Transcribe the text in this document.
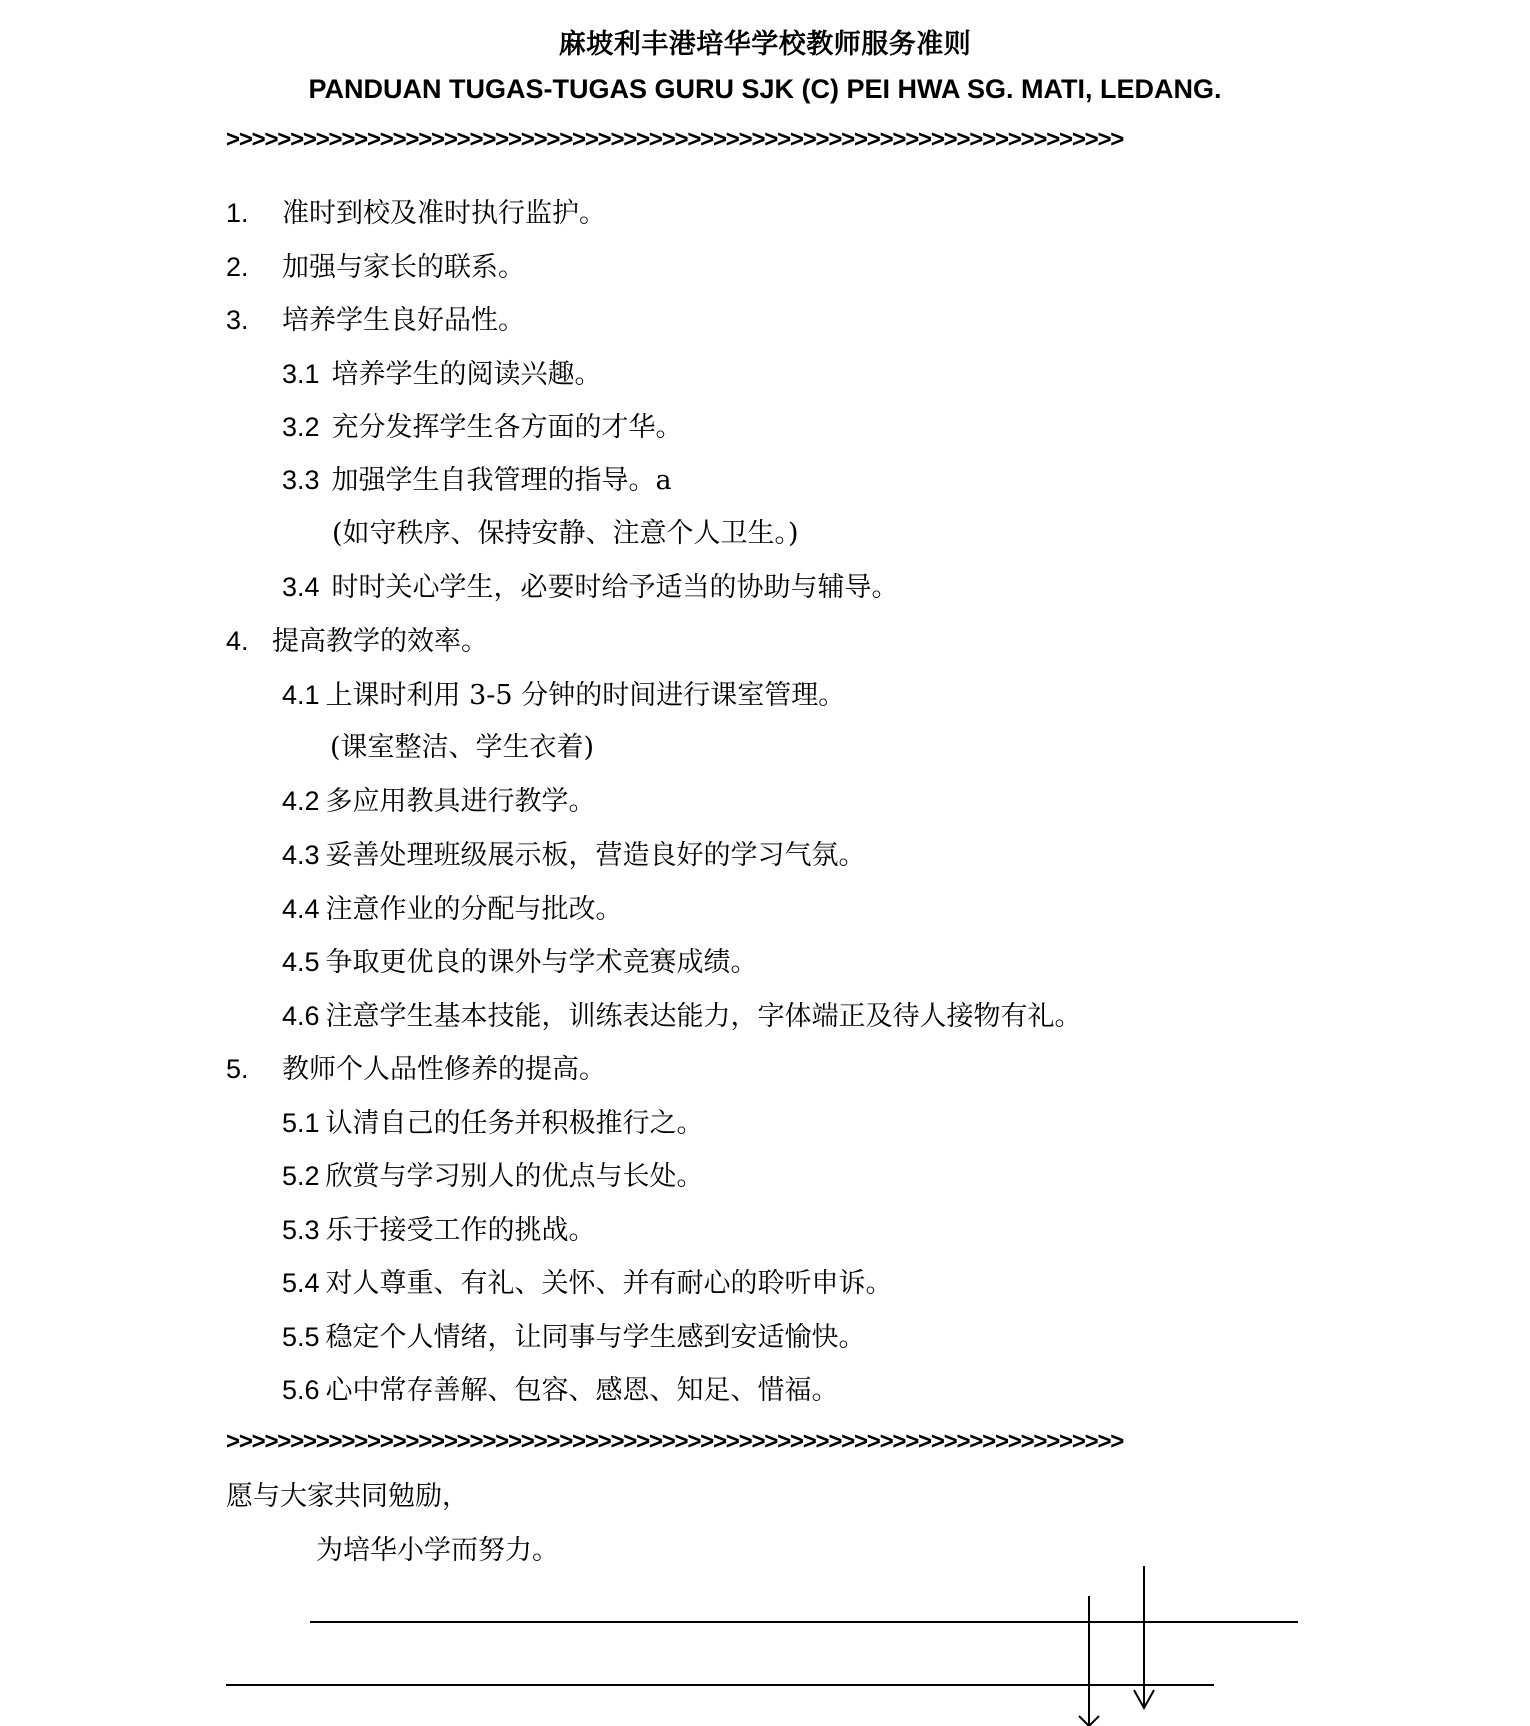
麻坡利丰港培华学校教师服务准则
PANDUAN TUGAS-TUGAS GURU SJK (C) PEI HWA SG. MATI, LEDANG.
>>>>>>>>>>>>>>>>>>>>>>>>>>>>>>>>>>>>>>>>>>>>>>>>>>>>>>>>>>>>>>>>>>>>>>
1. 准时到校及准时执行监护。
2. 加强与家长的联系。
3. 培养学生良好品性。
3.1 培养学生的阅读兴趣。
3.2 充分发挥学生各方面的才华。
3.3 加强学生自我管理的指导。a
(如守秩序、保持安静、注意个人卫生。)
3.4 时时关心学生，必要时给予适当的协助与辅导。
4. 提高教学的效率。
4.1 上课时利用 3-5 分钟的时间进行课室管理。
(课室整洁、学生衣着)
4.2 多应用教具进行教学。
4.3 妥善处理班级展示板，营造良好的学习气氛。
4.4 注意作业的分配与批改。
4.5 争取更优良的课外与学术竞赛成绩。
4.6 注意学生基本技能，训练表达能力，字体端正及待人接物有礼。
5. 教师个人品性修养的提高。
5.1 认清自己的任务并积极推行之。
5.2 欣赏与学习别人的优点与长处。
5.3 乐于接受工作的挑战。
5.4 对人尊重、有礼、关怀、并有耐心的聆听申诉。
5.5 稳定个人情绪，让同事与学生感到安适愉快。
5.6 心中常存善解、包容、感恩、知足、惜福。
>>>>>>>>>>>>>>>>>>>>>>>>>>>>>>>>>>>>>>>>>>>>>>>>>>>>>>>>>>>>>>>>>>>>>>
愿与大家共同勉励，
为培华小学而努力。
